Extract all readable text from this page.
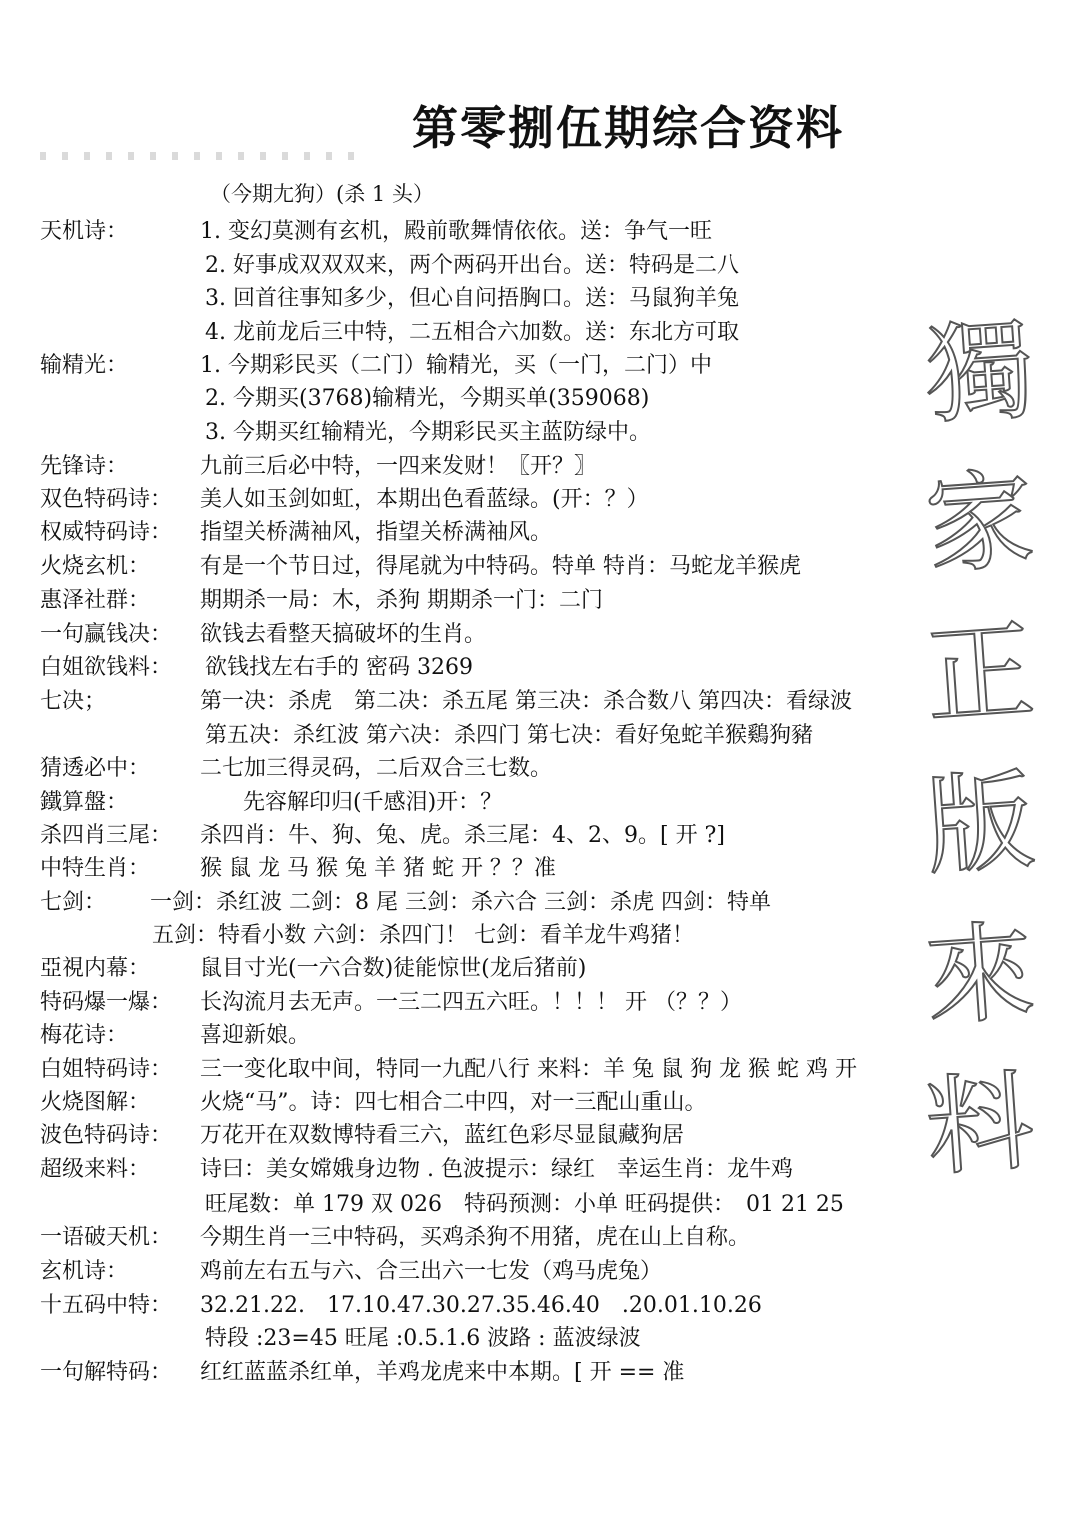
第零捌伍期综合资料
（今期尢狗）(杀 1 头）
天机诗：	1. 变幻莫测有玄机，殿前歌舞情依依。送：争气一旺
2. 好事成双双双来，两个两码开出台。送：特码是二八
3. 回首往事知多少，但心自问捂胸口。送：马鼠狗羊兔
4. 龙前龙后三中特，二五相合六加数。送：东北方可取
输精光：	1. 今期彩民买（二门）输精光，买（一门，二门）中
2. 今期买(3768)输精光，今期买单(359068)
3. 今期买红输精光，今期彩民买主蓝防绿中。
先锋诗：	九前三后必中特，一四来发财！〖开？〗
双色特码诗： 美人如玉剑如虹，本期出色看蓝绿。(开：？）
权威特码诗： 指望关桥满袖风，指望关桥满袖风。
火烧玄机： 有是一个节日过，得尾就为中特码。特单 特肖：马蛇龙羊猴虎
惠泽社群： 期期杀一局：木，杀狗 期期杀一门：二门
一句赢钱决： 欲钱去看整天搞破坏的生肖。
白姐欲钱料： 欲钱找左右手的 密码 3269
七决；	第一决：杀虎　第二决：杀五尾 第三决：杀合数八 第四决：看绿波
第五决：杀红波 第六决：杀四门 第七决：看好兔蛇羊猴鷄狗豬
猜透必中： 二七加三得灵码，二后双合三七数。
鐵算盤：	先容解印归(千感泪)开：？
杀四肖三尾： 杀四肖：牛、狗、兔、虎。杀三尾：4、2、9。[ 开 ?]
中特生肖： 猴 鼠 龙 马 猴 兔 羊 猪 蛇 开 ？？准
七剑： 一剑：杀红波 二剑：8 尾 三剑：杀六合 三剑：杀虎 四剑：特单
五剑：特看小数 六剑：杀四门！ 七剑：看羊龙牛鸡猪！
亞視内幕： 鼠目寸光(一六合数)徒能惊世(龙后猪前)
特码爆一爆： 长沟流月去无声。一三二四五六旺。！！！ 开 （？？）
梅花诗：	喜迎新娘。
白姐特码诗： 三一变化取中间，特同一九配八行 来料：羊 兔 鼠 狗 龙 猴 蛇 鸡 开
火烧图解： 火烧“马”。诗：四七相合二中四，对一三配山重山。
波色特码诗： 万花开在双数博特看三六，蓝红色彩尽显鼠藏狗居
超级来料： 诗曰：美女嫦娥身边物 . 色波提示：绿红　幸运生肖：龙牛鸡
旺尾数：单 179 双 026　特码预测：小单 旺码提供：　01 21 25
一语破天机： 今期生肖一三中特码，买鸡杀狗不用猪，虎在山上自称。
玄机诗：	鸡前左右五与六、合三出六一七发（鸡马虎兔）
十五码中特： 32.21.22.　17.10.47.30.27.35.46.40　.20.01.10.26
特段 :23=45 旺尾 :0.5.1.6 波路 : 蓝波绿波
一句解特码： 红红蓝蓝杀红单，羊鸡龙虎来中本期。[ 开 == 准
獨
家
正
版
來
料
